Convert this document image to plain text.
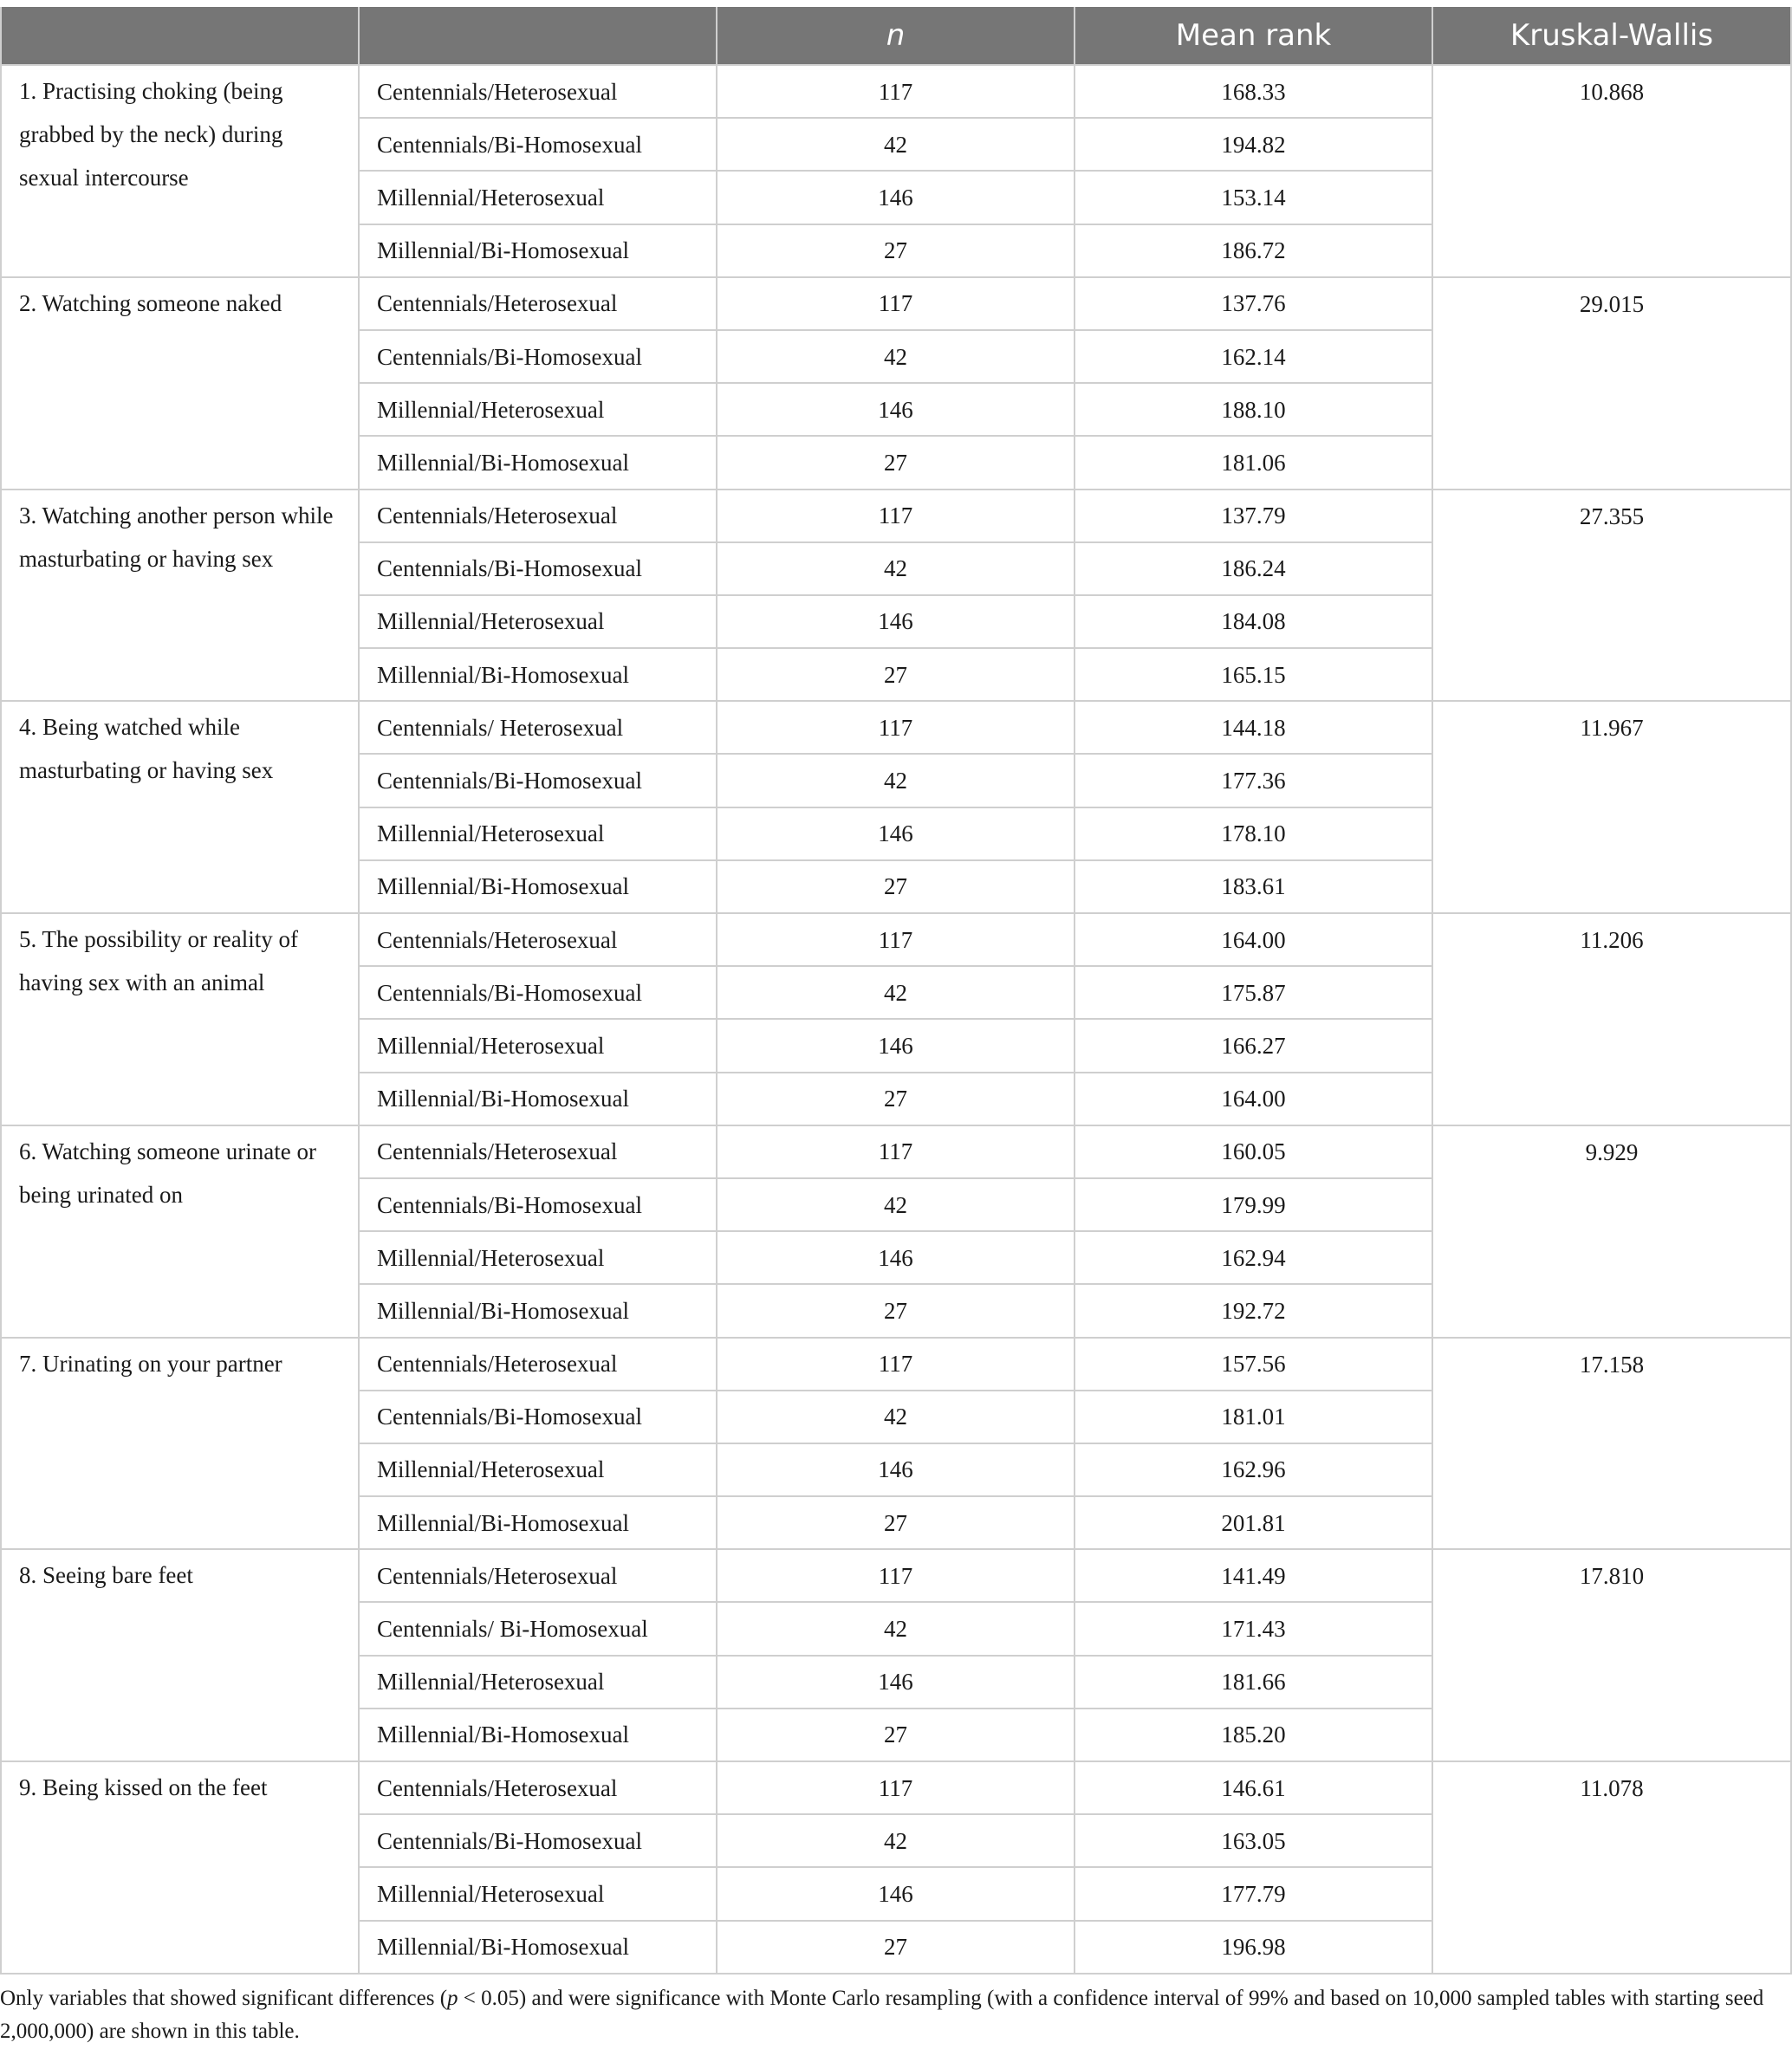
		n	Mean rank	Kruskal-Wallis
1. Practising choking (being grabbed by the neck) during sexual intercourse	Centennials/Heterosexual	117	168.33	10.868
	Centennials/Bi-Homosexual	42	194.82	
	Millennial/Heterosexual	146	153.14	
	Millennial/Bi-Homosexual	27	186.72	
2. Watching someone naked	Centennials/Heterosexual	117	137.76	29.015
	Centennials/Bi-Homosexual	42	162.14	
	Millennial/Heterosexual	146	188.10	
	Millennial/Bi-Homosexual	27	181.06	
3. Watching another person while masturbating or having sex	Centennials/Heterosexual	117	137.79	27.355
	Centennials/Bi-Homosexual	42	186.24	
	Millennial/Heterosexual	146	184.08	
	Millennial/Bi-Homosexual	27	165.15	
4. Being watched while masturbating or having sex	Centennials/ Heterosexual	117	144.18	11.967
	Centennials/Bi-Homosexual	42	177.36	
	Millennial/Heterosexual	146	178.10	
	Millennial/Bi-Homosexual	27	183.61	
5. The possibility or reality of having sex with an animal	Centennials/Heterosexual	117	164.00	11.206
	Centennials/Bi-Homosexual	42	175.87	
	Millennial/Heterosexual	146	166.27	
	Millennial/Bi-Homosexual	27	164.00	
6. Watching someone urinate or being urinated on	Centennials/Heterosexual	117	160.05	9.929
	Centennials/Bi-Homosexual	42	179.99	
	Millennial/Heterosexual	146	162.94	
	Millennial/Bi-Homosexual	27	192.72	
7. Urinating on your partner	Centennials/Heterosexual	117	157.56	17.158
	Centennials/Bi-Homosexual	42	181.01	
	Millennial/Heterosexual	146	162.96	
	Millennial/Bi-Homosexual	27	201.81	
8. Seeing bare feet	Centennials/Heterosexual	117	141.49	17.810
	Centennials/ Bi-Homosexual	42	171.43	
	Millennial/Heterosexual	146	181.66	
	Millennial/Bi-Homosexual	27	185.20	
9. Being kissed on the feet	Centennials/Heterosexual	117	146.61	11.078
	Centennials/Bi-Homosexual	42	163.05	
	Millennial/Heterosexual	146	177.79	
	Millennial/Bi-Homosexual	27	196.98	
Only variables that showed significant differences (p < 0.05) and were significance with Monte Carlo resampling (with a confidence interval of 99% and based on 10,000 sampled tables with starting seed 2,000,000) are shown in this table.
